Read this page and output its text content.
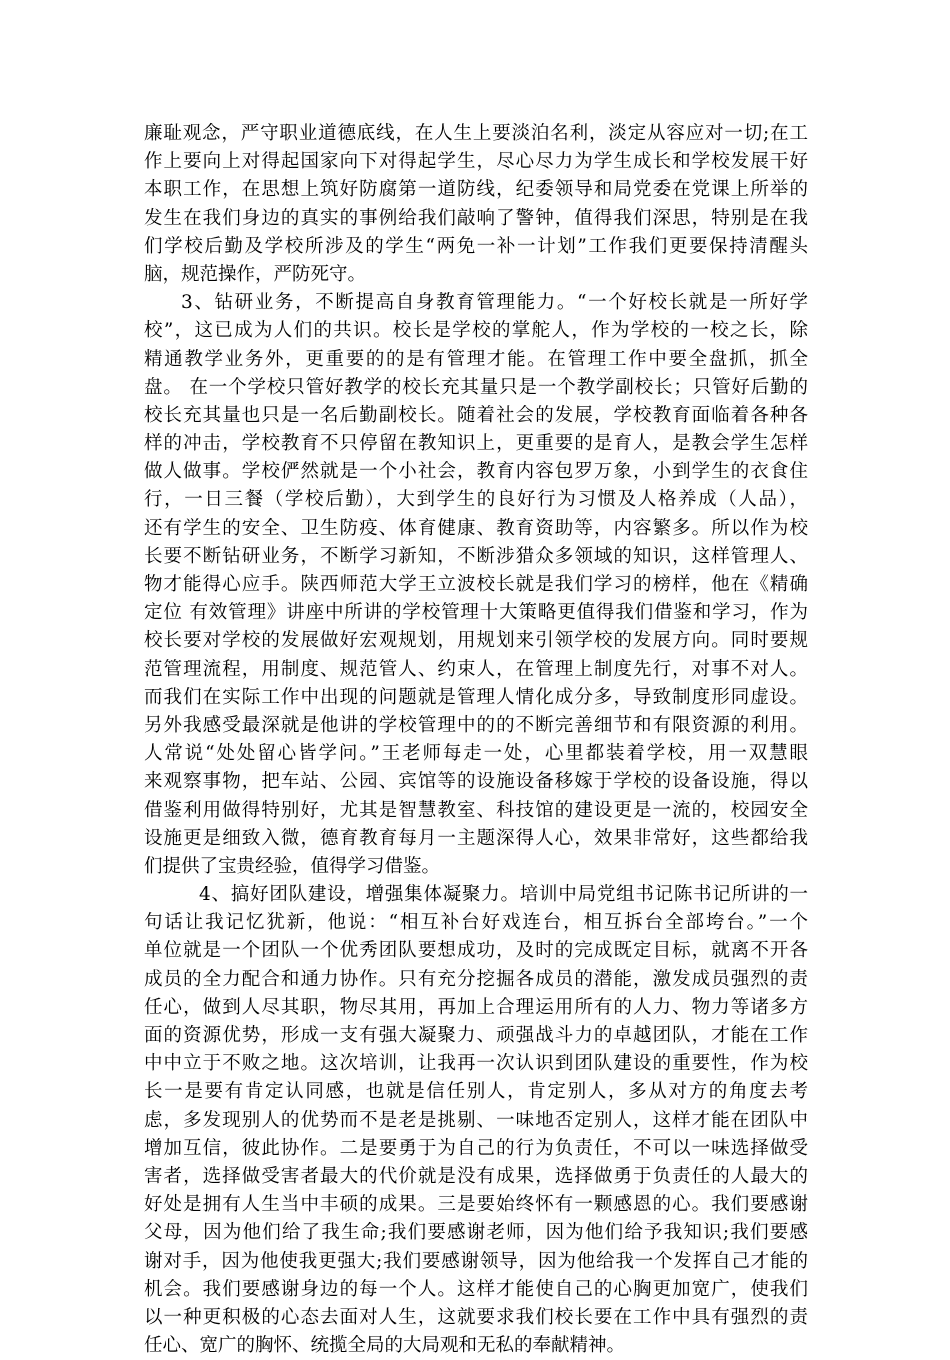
廉耻观念，严守职业道德底线，在人生上要淡泊名利，淡定从容应对一切;在工
作上要向上对得起国家向下对得起学生，尽心尽力为学生成长和学校发展干好
本职工作，在思想上筑好防腐第一道防线，纪委领导和局党委在党课上所举的
发生在我们身边的真实的事例给我们敲响了警钟，值得我们深思，特别是在我
们学校后勤及学校所涉及的学生“两免一补一计划”工作我们更要保持清醒头
脑，规范操作，严防死守。
3、钻研业务，不断提高自身教育管理能力。“一个好校长就是一所好学
校”，这已成为人们的共识。校长是学校的掌舵人，作为学校的一校之长，除
精通教学业务外，更重要的的是有管理才能。在管理工作中要全盘抓，抓全
盘。 在一个学校只管好教学的校长充其量只是一个教学副校长；只管好后勤的
校长充其量也只是一名后勤副校长。随着社会的发展，学校教育面临着各种各
样的冲击，学校教育不只停留在教知识上，更重要的是育人，是教会学生怎样
做人做事。学校俨然就是一个小社会，教育内容包罗万象，小到学生的衣食住
行，一日三餐（学校后勤），大到学生的良好行为习惯及人格养成（人品），
还有学生的安全、卫生防疫、体育健康、教育资助等，内容繁多。所以作为校
长要不断钻研业务，不断学习新知，不断涉猎众多领域的知识，这样管理人、
物才能得心应手。陕西师范大学王立波校长就是我们学习的榜样，他在《精确
定位 有效管理》讲座中所讲的学校管理十大策略更值得我们借鉴和学习，作为
校长要对学校的发展做好宏观规划，用规划来引领学校的发展方向。同时要规
范管理流程，用制度、规范管人、约束人，在管理上制度先行，对事不对人。
而我们在实际工作中出现的问题就是管理人情化成分多，导致制度形同虚设。
另外我感受最深就是他讲的学校管理中的的不断完善细节和有限资源的利用。
人常说“处处留心皆学问。”王老师每走一处，心里都装着学校，用一双慧眼
来观察事物，把车站、公园、宾馆等的设施设备移嫁于学校的设备设施，得以
借鉴利用做得特别好，尤其是智慧教室、科技馆的建设更是一流的，校园安全
设施更是细致入微，德育教育每月一主题深得人心，效果非常好，这些都给我
们提供了宝贵经验，值得学习借鉴。
4、搞好团队建设，增强集体凝聚力。培训中局党组书记陈书记所讲的一
句话让我记忆犹新，他说：“相互补台好戏连台，相互拆台全部垮台。”一个
单位就是一个团队一个优秀团队要想成功，及时的完成既定目标，就离不开各
成员的全力配合和通力协作。只有充分挖掘各成员的潜能，激发成员强烈的责
任心，做到人尽其职，物尽其用，再加上合理运用所有的人力、物力等诸多方
面的资源优势，形成一支有强大凝聚力、顽强战斗力的卓越团队，才能在工作
中中立于不败之地。这次培训，让我再一次认识到团队建设的重要性，作为校
长一是要有肯定认同感，也就是信任别人，肯定别人，多从对方的角度去考
虑，多发现别人的优势而不是老是挑剔、一味地否定别人，这样才能在团队中
增加互信，彼此协作。二是要勇于为自己的行为负责任，不可以一味选择做受
害者，选择做受害者最大的代价就是没有成果，选择做勇于负责任的人最大的
好处是拥有人生当中丰硕的成果。三是要始终怀有一颗感恩的心。我们要感谢
父母，因为他们给了我生命;我们要感谢老师，因为他们给予我知识;我们要感
谢对手，因为他使我更强大;我们要感谢领导，因为他给我一个发挥自己才能的
机会。我们要感谢身边的每一个人。这样才能使自己的心胸更加宽广，使我们
以一种更积极的心态去面对人生，这就要求我们校长要在工作中具有强烈的责
任心、宽广的胸怀、统揽全局的大局观和无私的奉献精神。
